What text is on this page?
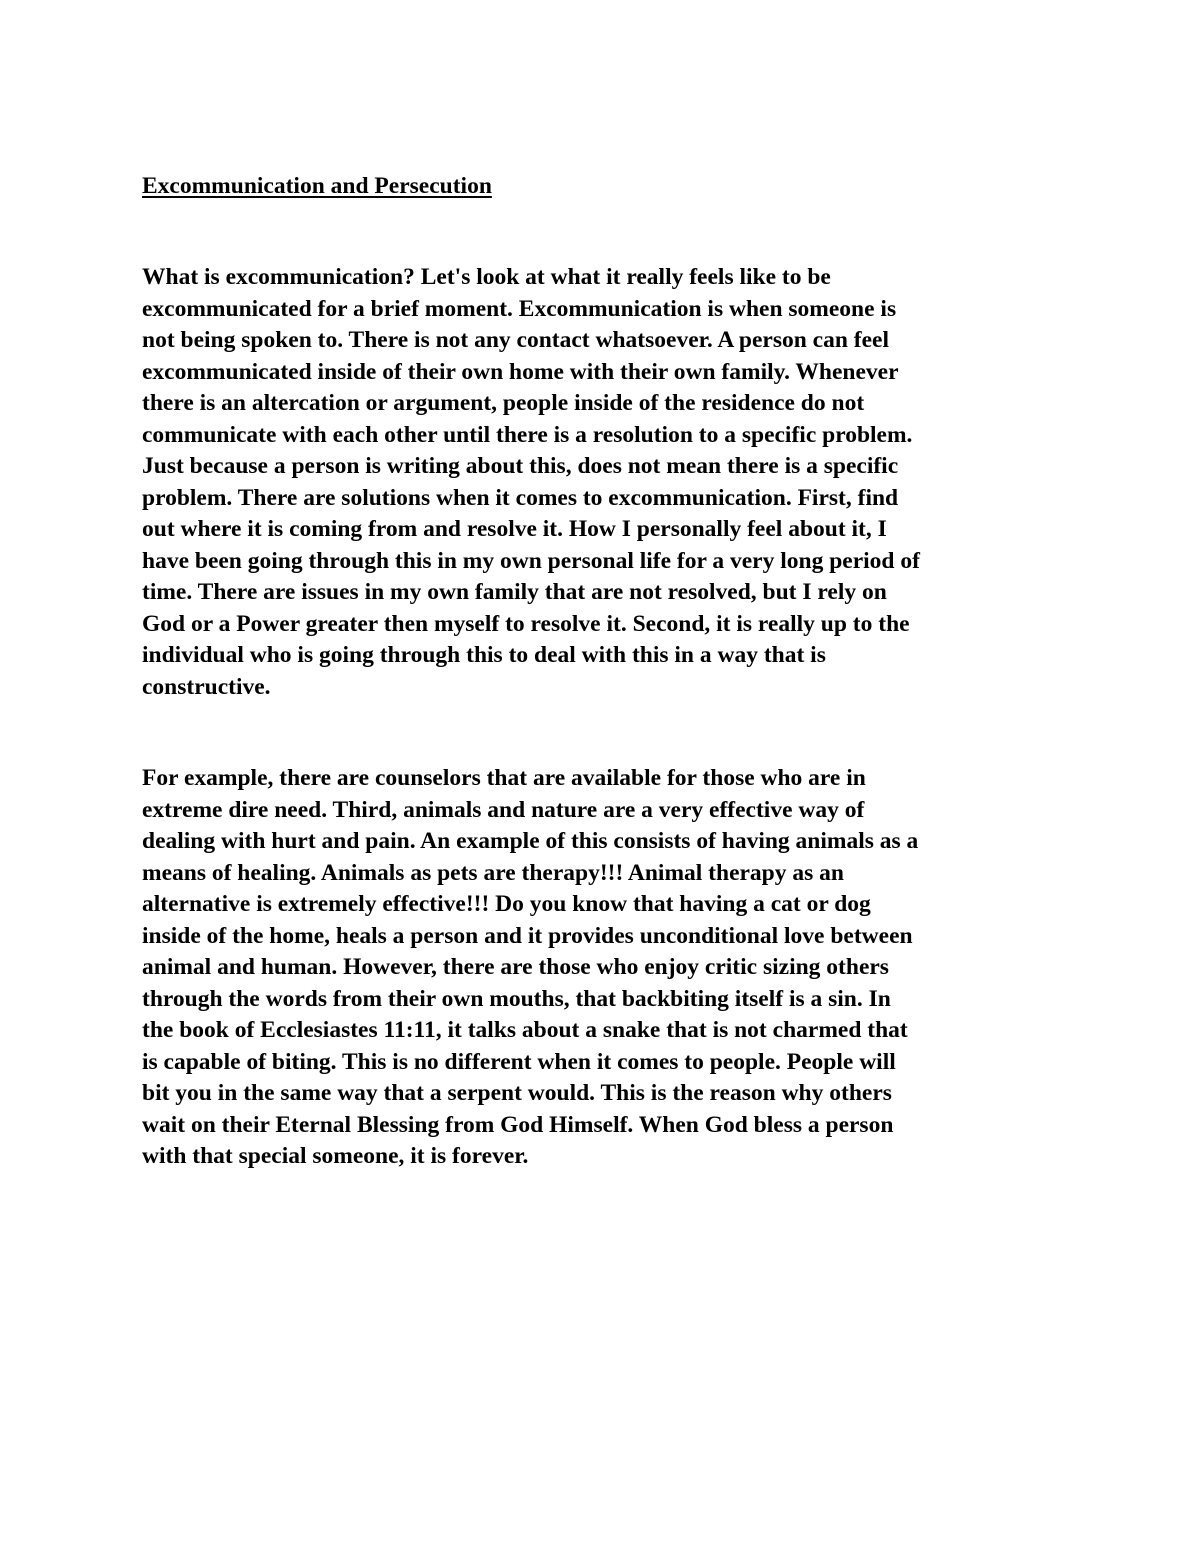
Excommunication and Persecution

What is excommunication? Let's look at what it really feels like to be
excommunicated for a brief moment. Excommunication is when someone is
not being spoken to. There is not any contact whatsoever. A person can feel
excommunicated inside of their own home with their own family. Whenever
there is an altercation or argument, people inside of the residence do not
communicate with each other until there is a resolution to a specific problem.
Just because a person is writing about this, does not mean there is a specific
problem. There are solutions when it comes to excommunication. First, find
out where it is coming from and resolve it. How I personally feel about it, I
have been going through this in my own personal life for a very long period of
time. There are issues in my own family that are not resolved, but I rely on
God or a Power greater then myself to resolve it. Second, it is really up to the
individual who is going through this to deal with this in a way that is
constructive.

For example, there are counselors that are available for those who are in
extreme dire need. Third, animals and nature are a very effective way of
dealing with hurt and pain. An example of this consists of having animals as a
means of healing. Animals as pets are therapy!!! Animal therapy as an
alternative is extremely effective!!! Do you know that having a cat or dog
inside of the home, heals a person and it provides unconditional love between
animal and human. However, there are those who enjoy critic sizing others
through the words from their own mouths, that backbiting itself is a sin. In
the book of Ecclesiastes 11:11, it talks about a snake that is not charmed that
is capable of biting. This is no different when it comes to people. People will
bit you in the same way that a serpent would. This is the reason why others
wait on their Eternal Blessing from God Himself. When God bless a person
with that special someone, it is forever.
